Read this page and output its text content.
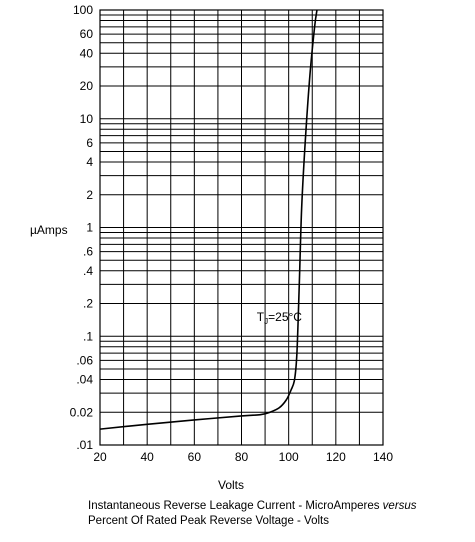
.01
0.02
.04
.06
.1
.2
.4
.6
1
2
4
6
10
20
40
60
100
20	40	60	80	100 120 140
µAmps
Volts
$T_J=25^\circ C$
Instantaneous Reverse Leakage Current - MicroAmperes versus
Percent Of Rated Peak Reverse Voltage - Volts
